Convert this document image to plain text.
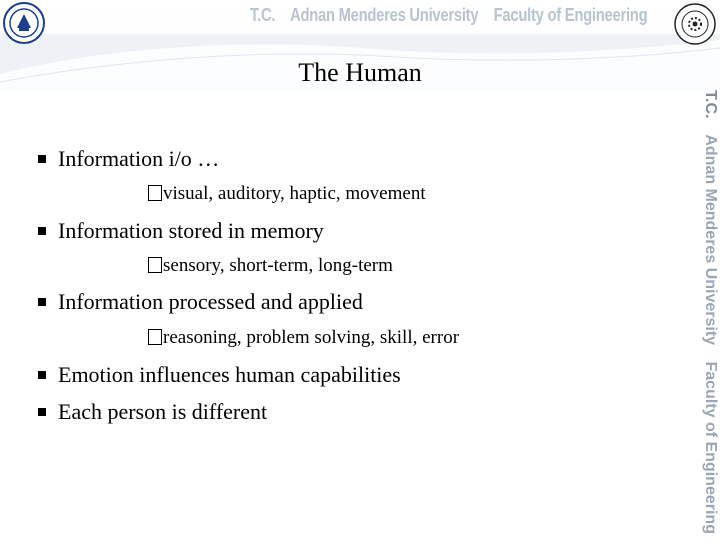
T.C. Adnan Menderes University Faculty of Engineering
T.C. Adnan Menderes University Faculty of Engineering
The Human
Information i/o …
visual, auditory, haptic, movement
Information stored in memory
sensory, short-term, long-term
Information processed and applied
reasoning, problem solving, skill, error
Emotion influences human capabilities
Each person is different
